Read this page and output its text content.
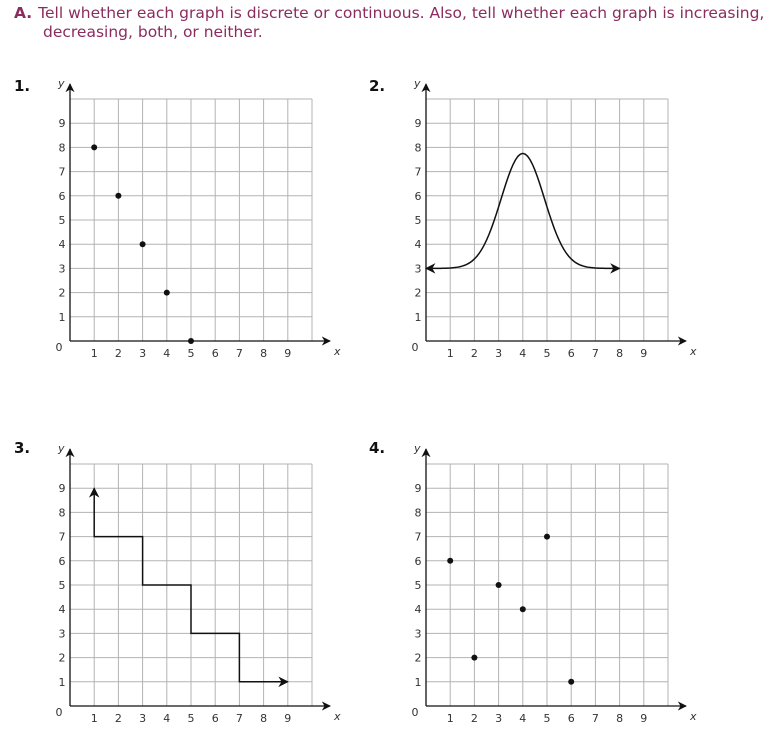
A. Tell whether each graph is discrete or continuous. Also, tell whether each graph is increasing,
decreasing, both, or neither.
1.	2.
3.	4.
x
y
0	1 2 3 4 5 6 7 8 9
1
2
3
4
5
6
7
8
9
x
y
0	1 2 3 4 5 6 7 8 9
1
2
3
4
5
6
7
8
9
x
y
0	1 2 3 4 5 6 7 8 9
1
2
3
4
5
6
7
8
9
x
y
0	1 2 3 4 5 6 7 8 9
1
2
3
4
5
6
7
8
9
